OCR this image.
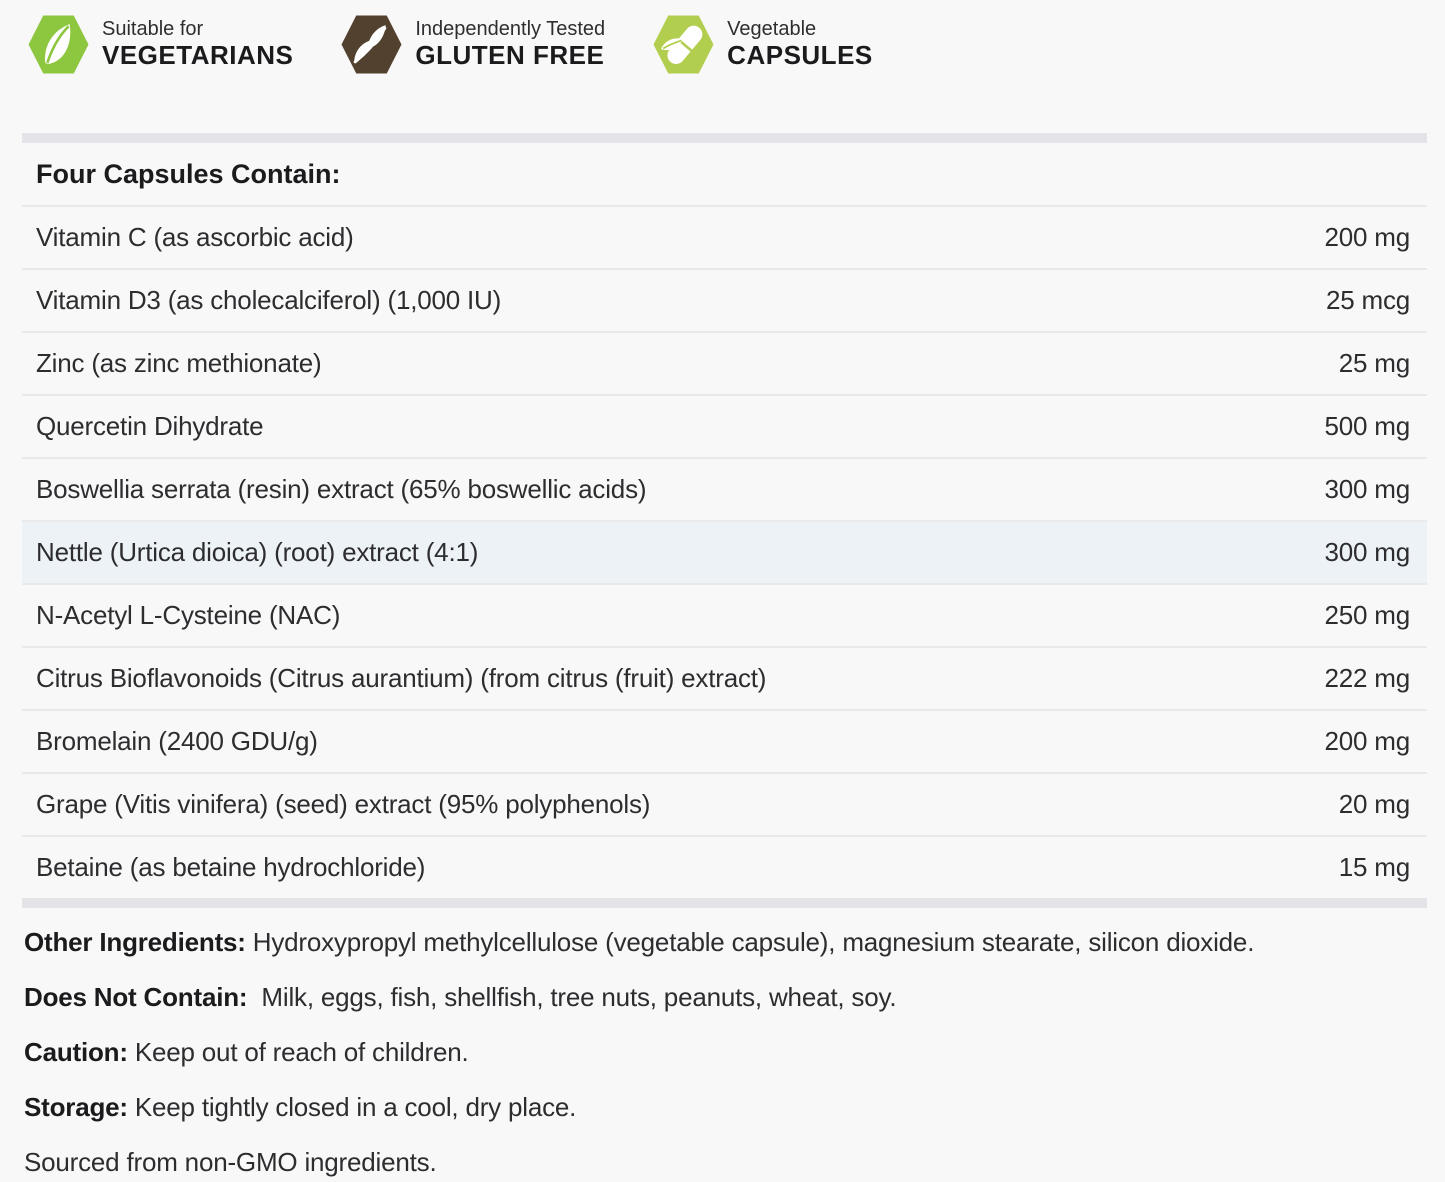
Suitable for
VEGETARIANS
Independently Tested
GLUTEN FREE
Vegetable
CAPSULES
Four Capsules Contain:
Vitamin C (as ascorbic acid)	200 mg
Vitamin D3 (as cholecalciferol) (1,000 IU)	25 mcg
Zinc (as zinc methionate)	25 mg
Quercetin Dihydrate	500 mg
Boswellia serrata (resin) extract (65% boswellic acids)	300 mg
Nettle (Urtica dioica) (root) extract (4:1)	300 mg
N-Acetyl L-Cysteine (NAC)	250 mg
Citrus Bioflavonoids (Citrus aurantium) (from citrus (fruit) extract)	222 mg
Bromelain (2400 GDU/g)	200 mg
Grape (Vitis vinifera) (seed) extract (95% polyphenols)	20 mg
Betaine (as betaine hydrochloride)	15 mg

Other Ingredients: Hydroxypropyl methylcellulose (vegetable capsule), magnesium stearate, silicon dioxide.

Does Not Contain:  Milk, eggs, fish, shellfish, tree nuts, peanuts, wheat, soy.

Caution: Keep out of reach of children.

Storage: Keep tightly closed in a cool, dry place.

Sourced from non-GMO ingredients.
